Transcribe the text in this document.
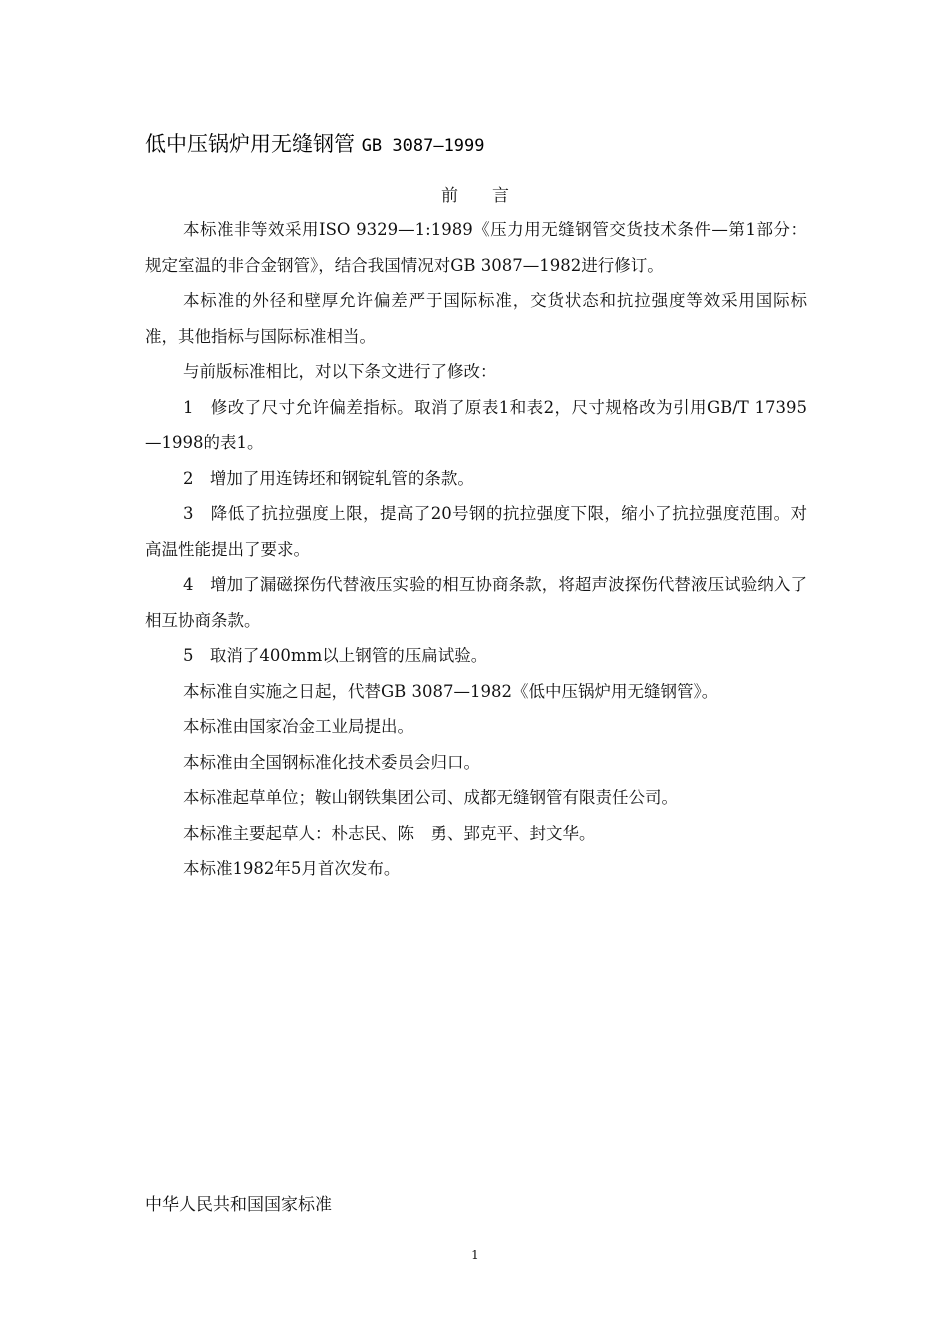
低中压锅炉用无缝钢管 GB 3087—1999
前言

本标准非等效采用ISO 9329—1:1989《压力用无缝钢管交货技术条件—第1部分：规定室温的非合金钢管》，结合我国情况对GB 3087—1982进行修订。

本标准的外径和壁厚允许偏差严于国际标准，交货状态和抗拉强度等效采用国际标准，其他指标与国际标准相当。

与前版标准相比，对以下条文进行了修改：

1　修改了尺寸允许偏差指标。取消了原表1和表2，尺寸规格改为引用GB/T 17395—1998的表1。

2　增加了用连铸坯和钢锭轧管的条款。

3　降低了抗拉强度上限，提高了20号钢的抗拉强度下限，缩小了抗拉强度范围。对高温性能提出了要求。

4　增加了漏磁探伤代替液压实验的相互协商条款，将超声波探伤代替液压试验纳入了相互协商条款。

5　取消了400mm以上钢管的压扁试验。

本标准自实施之日起，代替GB 3087—1982《低中压锅炉用无缝钢管》。

本标准由国家冶金工业局提出。

本标准由全国钢标准化技术委员会归口。

本标准起草单位；鞍山钢铁集团公司、成都无缝钢管有限责任公司。

本标准主要起草人：朴志民、陈　勇、郢克平、封文华。

本标准1982年5月首次发布。

中华人民共和国国家标准
1
